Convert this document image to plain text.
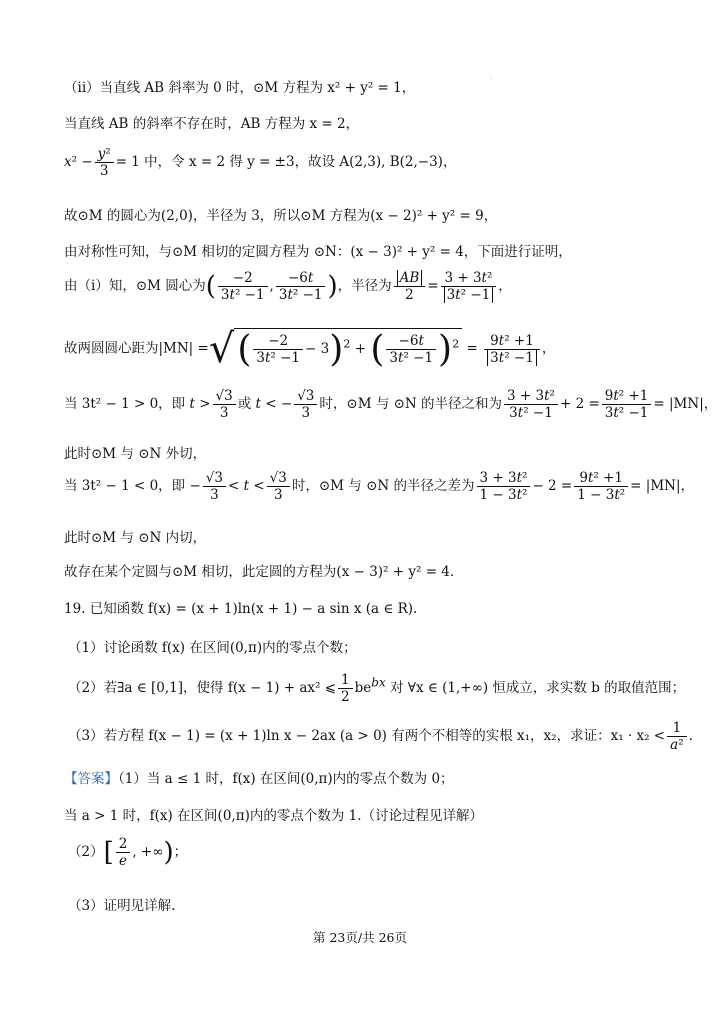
.
（ii）当直线 AB 斜率为 0 时，⊙M 方程为 x² + y² = 1，
当直线 AB 的斜率不存在时，AB 方程为 x = 2，
$x^2 - \frac{\text{y²}}{3} = 1$ 中，令 x = 2 得 y = ±3，故设 A(2,3), B(2,−3)，
故⊙M 的圆心为(2,0)，半径为 3，所以⊙M 方程为(x − 2)² + y² = 9，
由对称性可知，与⊙M 相切的定圆方程为 ⊙N：(x − 3)² + y² = 4，下面进行证明，
由（i）知，⊙M 圆心为( $\frac{-2}{\text{3t² −1}}$ , $\frac{-6t}{\text{3t² −1}}$ )，半径为 $\frac{AB}{2} = \frac{\text{3 + 3t²}}{\text{3t² −1}}$ ，
故两圆圆心距为|MN| =√( $\frac{-2}{\text{3t² −1}} - 3)^2$ + ( $\frac{-6t}{\text{3t² −1}} )^2 = \frac{\text{9t² +1}}{\text{3t² −1}}$ ，
当 3t² − 1 > 0，即 $t > \frac{√3}{3}$ 或 t < − $\frac{√3}{3}$ 时，⊙M 与 ⊙N 的半径之和为 $\frac{\text{3 + 3t²}}{\text{3t² −1}} + 2 = \frac{\text{9t² +1}}{\text{3t² −1}} = |MN|$，
此时⊙M 与 ⊙N 外切，
当 3t² − 1 < 0，即 − $\frac{√3}{3} < t < \frac{√3}{3}$ 时，⊙M 与 ⊙N 的半径之差为 $\frac{\text{3 + 3t²}}{\text{1 − 3t²}} - 2 = \frac{\text{9t² +1}}{\text{1 − 3t²}} = |MN|$，
此时⊙M 与 ⊙N 内切，
故存在某个定圆与⊙M 相切，此定圆的方程为(x − 3)² + y² = 4.
19. 已知函数 f(x) = (x + 1)ln(x + 1) − a sin x (a ∈ R).
（1）讨论函数 f(x) 在区间(0,π)内的零点个数；
（2）若∃a ∈ [0,1]，使得 f(x − 1) + ax² ⩽ $\frac{1}{2} be^{bx}$ 对 ∀x ∈ (1,+∞) 恒成立，求实数 b 的取值范围；
（3）若方程 f(x − 1) = (x + 1)ln x − 2ax (a > 0) 有两个不相等的实根 x₁，x₂，求证：$x_1 \cdot x_2 < \frac{1}{\text{a²}}$ .
【答案】（1）当 a ≤ 1 时，f(x) 在区间(0,π)内的零点个数为 0；
当 a > 1 时，f(x) 在区间(0,π)内的零点个数为 1.（讨论过程见详解）
$(2)[ \frac{2}{e}$ , +∞)；
（3）证明见详解.
第 23页/共 26页
